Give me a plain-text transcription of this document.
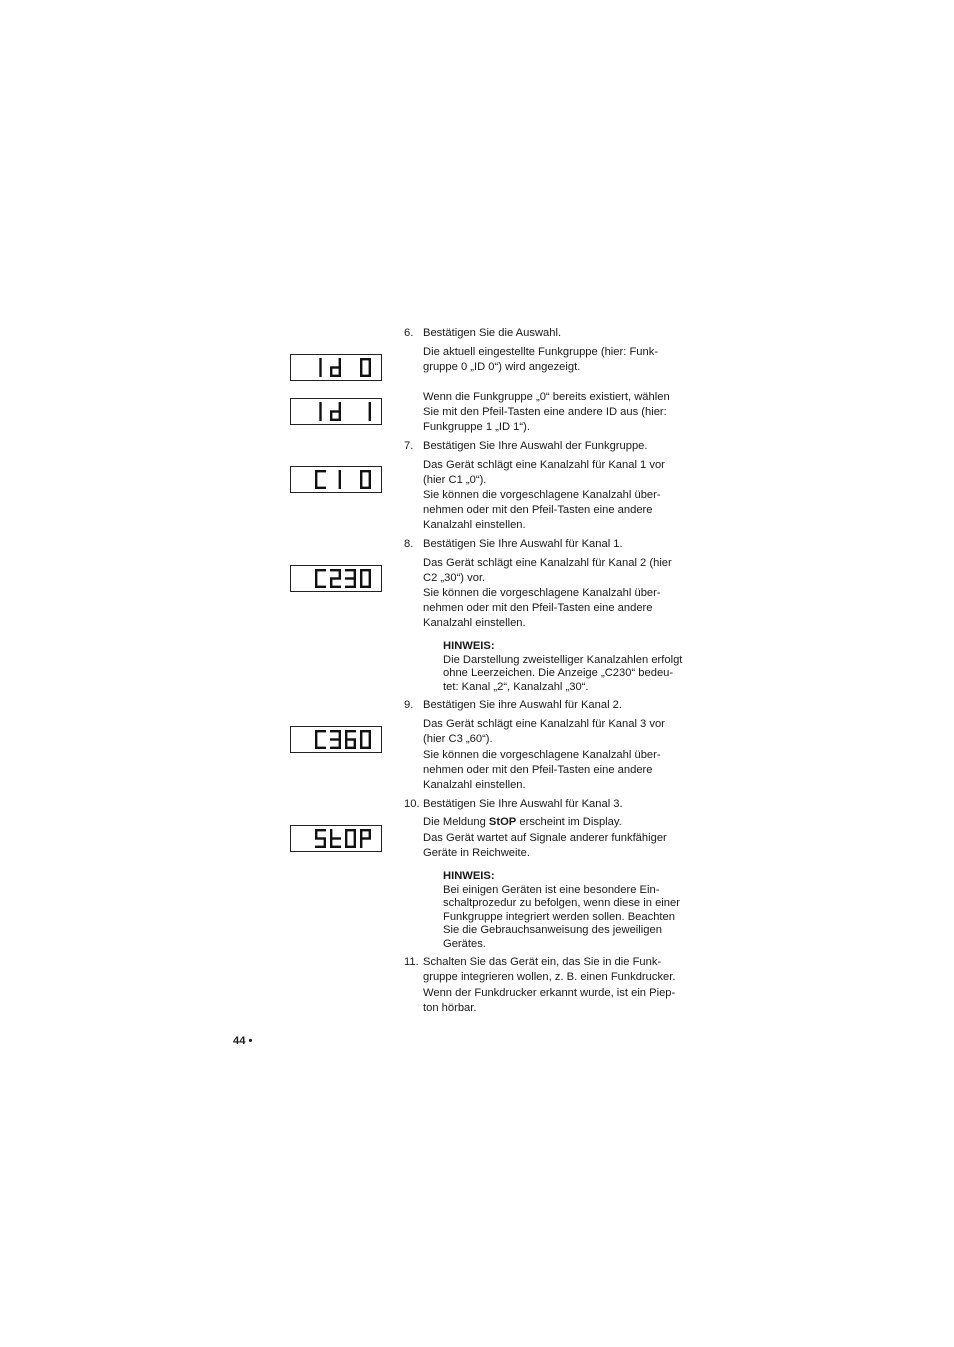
6. Bestätigen Sie die Auswahl.
Die aktuell eingestellte Funkgruppe (hier: Funk-
gruppe 0 „ID 0“) wird angezeigt.
Wenn die Funkgruppe „0“ bereits existiert, wählen
Sie mit den Pfeil-Tasten eine andere ID aus (hier:
Funkgruppe 1 „ID 1“).
7. Bestätigen Sie Ihre Auswahl der Funkgruppe.
Das Gerät schlägt eine Kanalzahl für Kanal 1 vor
(hier C1 „0“).
Sie können die vorgeschlagene Kanalzahl über-
nehmen oder mit den Pfeil-Tasten eine andere
Kanalzahl einstellen.
8. Bestätigen Sie Ihre Auswahl für Kanal 1.
Das Gerät schlägt eine Kanalzahl für Kanal 2 (hier
C2 „30“) vor.
Sie können die vorgeschlagene Kanalzahl über-
nehmen oder mit den Pfeil-Tasten eine andere
Kanalzahl einstellen.
HINWEIS:
Die Darstellung zweistelliger Kanalzahlen erfolgt
ohne Leerzeichen. Die Anzeige „C230“ bedeu-
tet: Kanal „2“, Kanalzahl „30“.
9. Bestätigen Sie ihre Auswahl für Kanal 2.
Das Gerät schlägt eine Kanalzahl für Kanal 3 vor
(hier C3 „60“).
Sie können die vorgeschlagene Kanalzahl über-
nehmen oder mit den Pfeil-Tasten eine andere
Kanalzahl einstellen.
10. Bestätigen Sie Ihre Auswahl für Kanal 3.
Die Meldung StOP erscheint im Display.
Das Gerät wartet auf Signale anderer funkfähiger
Geräte in Reichweite.
HINWEIS:
Bei einigen Geräten ist eine besondere Ein-
schaltprozedur zu befolgen, wenn diese in einer
Funkgruppe integriert werden sollen. Beachten
Sie die Gebrauchsanweisung des jeweiligen
Gerätes.
11. Schalten Sie das Gerät ein, das Sie in die Funk-
gruppe integrieren wollen, z. B. einen Funkdrucker.
Wenn der Funkdrucker erkannt wurde, ist ein Piep-
ton hörbar.
44 •
